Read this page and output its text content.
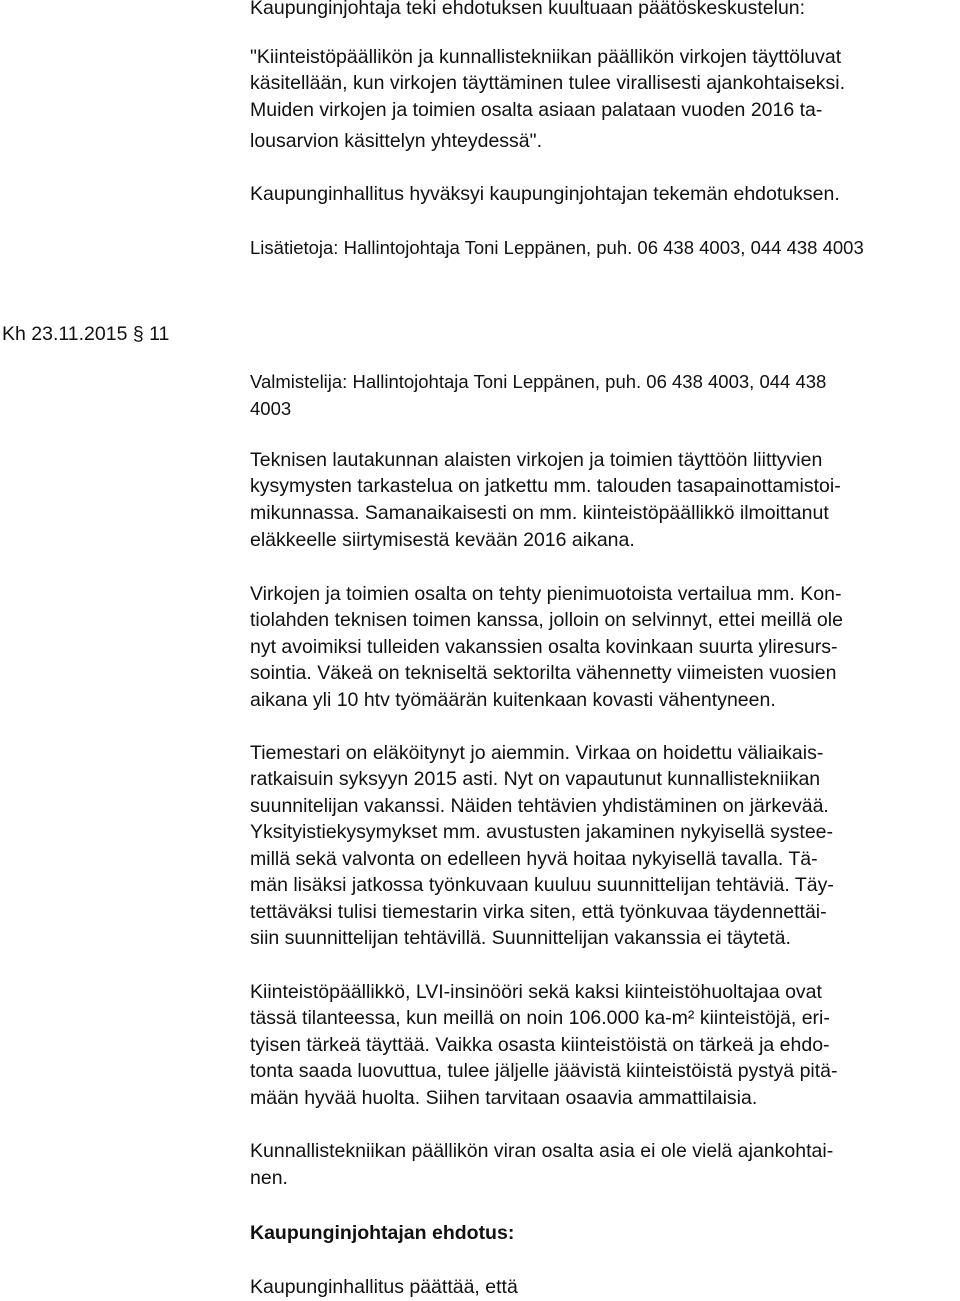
Kaupunginjohtaja teki ehdotuksen kuultuaan päätöskeskustelun:

"Kiinteistöpäällikön ja kunnallistekniikan päällikön virkojen täyttöluvat

käsitellään, kun virkojen täyttäminen tulee virallisesti ajankohtaiseksi.

Muiden virkojen ja toimien osalta asiaan palataan vuoden 2016 ta-

lousarvion käsittelyn yhteydessä".

Kaupunginhallitus hyväksyi kaupunginjohtajan tekemän ehdotuksen.

Lisätietoja: Hallintojohtaja Toni Leppänen, puh. 06 438 4003, 044 438 4003

Kh 23.11.2015 § 11

Valmistelija: Hallintojohtaja Toni Leppänen, puh. 06 438 4003, 044 438

4003

Teknisen lautakunnan alaisten virkojen ja toimien täyttöön liittyvien

kysymysten tarkastelua on jatkettu mm. talouden tasapainottamistoi-

mikunnassa. Samanaikaisesti on mm. kiinteistöpäällikkö ilmoittanut

eläkkeelle siirtymisestä kevään 2016 aikana.

Virkojen ja toimien osalta on tehty pienimuotoista vertailua mm. Kon-

tiolahden teknisen toimen kanssa, jolloin on selvinnyt, ettei meillä ole

nyt avoimiksi tulleiden vakanssien osalta kovinkaan suurta yliresurs-

sointia. Väkeä on tekniseltä sektorilta vähennetty viimeisten vuosien

aikana yli 10 htv työmäärän kuitenkaan kovasti vähentyneen.

Tiemestari on eläköitynyt jo aiemmin. Virkaa on hoidettu väliaikais-

ratkaisuin syksyyn 2015 asti. Nyt on vapautunut kunnallistekniikan

suunnitelijan vakanssi. Näiden tehtävien yhdistäminen on järkevää.

Yksityistiekysymykset mm. avustusten jakaminen nykyisellä systee-

millä sekä valvonta on edelleen hyvä hoitaa nykyisellä tavalla. Tä-

män lisäksi jatkossa työnkuvaan kuuluu suunnittelijan tehtäviä. Täy-

tettäväksi tulisi tiemestarin virka siten, että työnkuvaa täydennettäi-

siin suunnittelijan tehtävillä. Suunnittelijan vakanssia ei täytetä.

Kiinteistöpäällikkö, LVI-insinööri sekä kaksi kiinteistöhuoltajaa ovat

tässä tilanteessa, kun meillä on noin 106.000 ka-m² kiinteistöjä, eri-

tyisen tärkeä täyttää. Vaikka osasta kiinteistöistä on tärkeä ja ehdo-

tonta saada luovuttua, tulee jäljelle jäävistä kiinteistöistä pystyä pitä-

mään hyvää huolta. Siihen tarvitaan osaavia ammattilaisia.

Kunnallistekniikan päällikön viran osalta asia ei ole vielä ajankohtai-

nen.

Kaupunginjohtajan ehdotus:

Kaupunginhallitus päättää, että
